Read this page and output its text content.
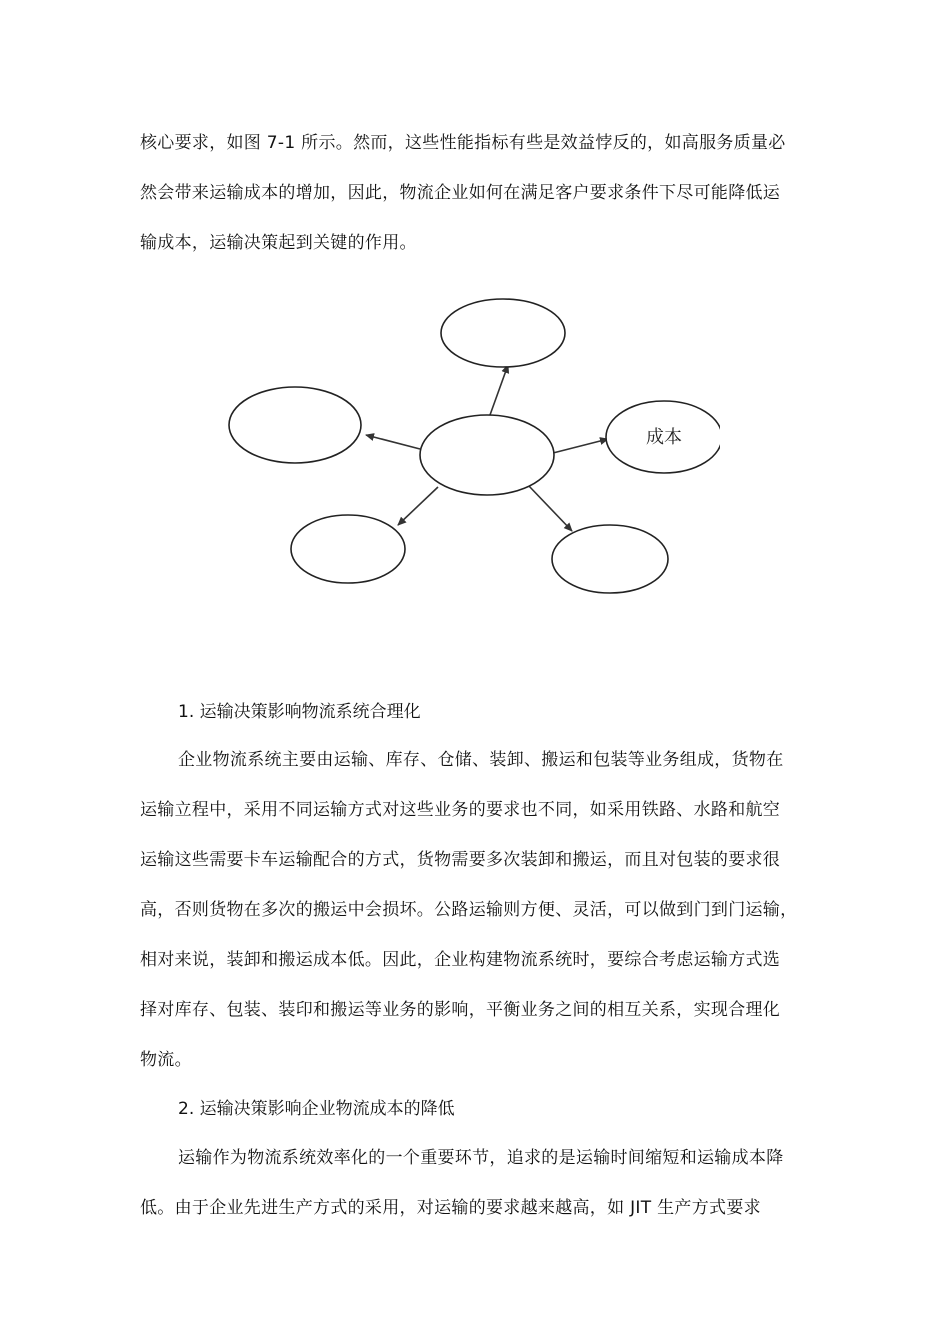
核心要求，如图 7-1 所示。然而，这些性能指标有些是效益悖反的，如高服务质量必
然会带来运输成本的增加，因此，物流企业如何在满足客户要求条件下尽可能降低运
输成本，运输决策起到关键的作用。
成本
1. 运输决策影响物流系统合理化
企业物流系统主要由运输、库存、仓储、装卸、搬运和包装等业务组成，货物在
运输立程中，采用不同运输方式对这些业务的要求也不同，如采用铁路、水路和航空
运输这些需要卡车运输配合的方式，货物需要多次装卸和搬运，而且对包装的要求很
高，否则货物在多次的搬运中会损坏。公路运输则方便、灵活，可以做到门到门运输，
相对来说，装卸和搬运成本低。因此，企业构建物流系统时，要综合考虑运输方式选
择对库存、包装、装印和搬运等业务的影响，平衡业务之间的相互关系，实现合理化
物流。
2. 运输决策影响企业物流成本的降低
运输作为物流系统效率化的一个重要环节，追求的是运输时间缩短和运输成本降
低。由于企业先进生产方式的采用，对运输的要求越来越高，如 JIT 生产方式要求
